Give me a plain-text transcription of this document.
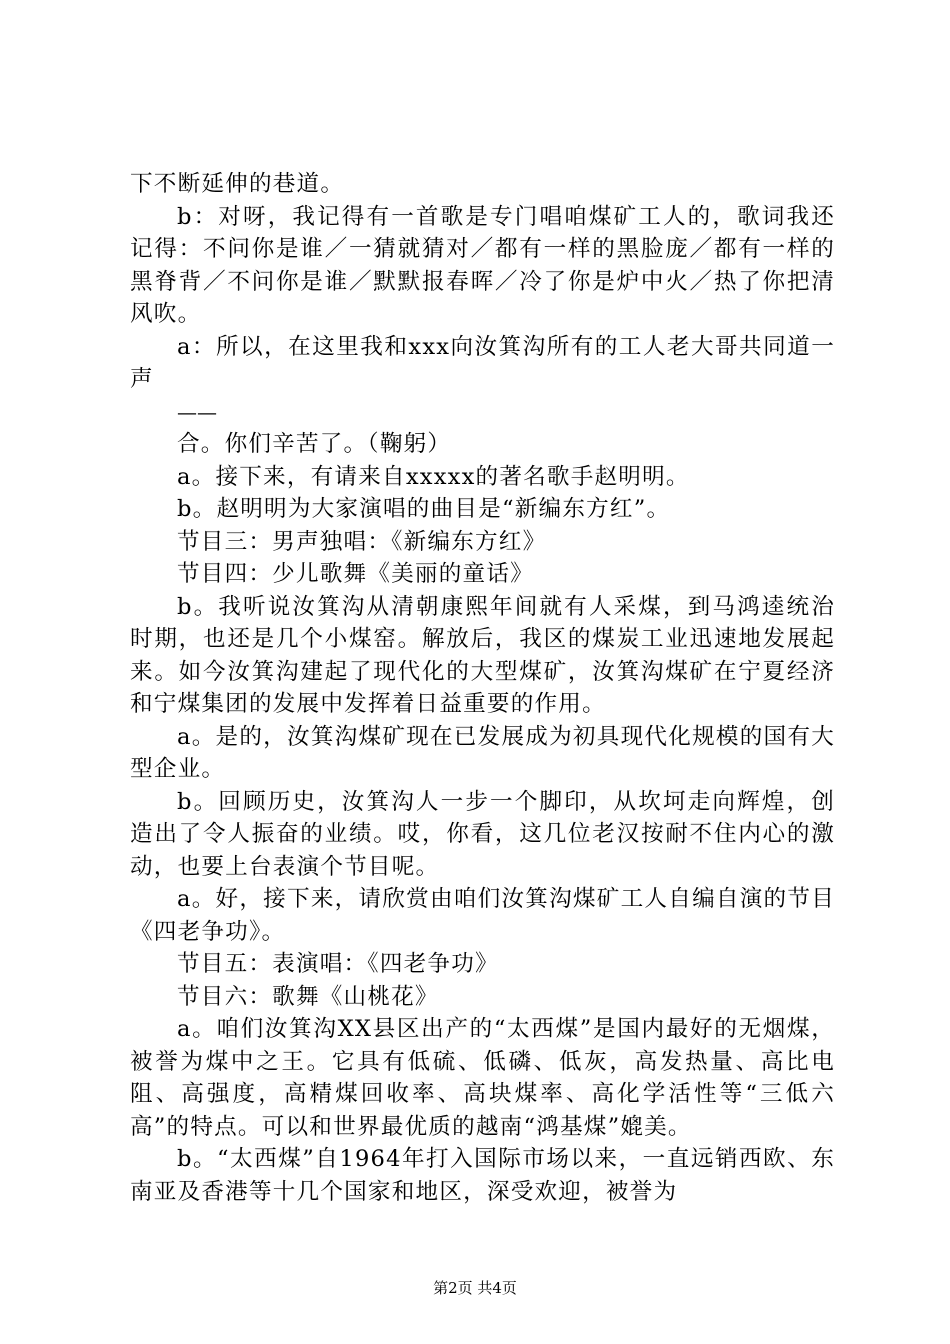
下不断延伸的巷道。

b：对呀，我记得有一首歌是专门唱咱煤矿工人的，歌词我还记得：不问你是谁／一猜就猜对／都有一样的黑脸庞／都有一样的黑脊背／不问你是谁／默默报春晖／冷了你是炉中火／热了你把清风吹。

a：所以，在这里我和xxx向汝箕沟所有的工人老大哥共同道一声

——

合。你们辛苦了。（鞠躬）

a。接下来，有请来自xxxxx的著名歌手赵明明。

b。赵明明为大家演唱的曲目是“新编东方红”。

节目三：男声独唱：《新编东方红》

节目四：少儿歌舞《美丽的童话》

b。我听说汝箕沟从清朝康熙年间就有人采煤，到马鸿逵统治时期，也还是几个小煤窑。解放后，我区的煤炭工业迅速地发展起来。如今汝箕沟建起了现代化的大型煤矿，汝箕沟煤矿在宁夏经济和宁煤集团的发展中发挥着日益重要的作用。

a。是的，汝箕沟煤矿现在已发展成为初具现代化规模的国有大型企业。

b。回顾历史，汝箕沟人一步一个脚印，从坎坷走向辉煌，创造出了令人振奋的业绩。哎，你看，这几位老汉按耐不住内心的激动，也要上台表演个节目呢。

a。好，接下来，请欣赏由咱们汝箕沟煤矿工人自编自演的节目《四老争功》。

节目五：表演唱：《四老争功》

节目六：歌舞《山桃花》

a。咱们汝箕沟XX县区出产的“太西煤”是国内最好的无烟煤，被誉为煤中之王。它具有低硫、低磷、低灰，高发热量、高比电阻、高强度，高精煤回收率、高块煤率、高化学活性等“三低六高”的特点。可以和世界最优质的越南“鸿基煤”媲美。

b。“太西煤”自1964年打入国际市场以来，一直远销西欧、东南亚及香港等十几个国家和地区，深受欢迎，被誉为

第2页 共4页
